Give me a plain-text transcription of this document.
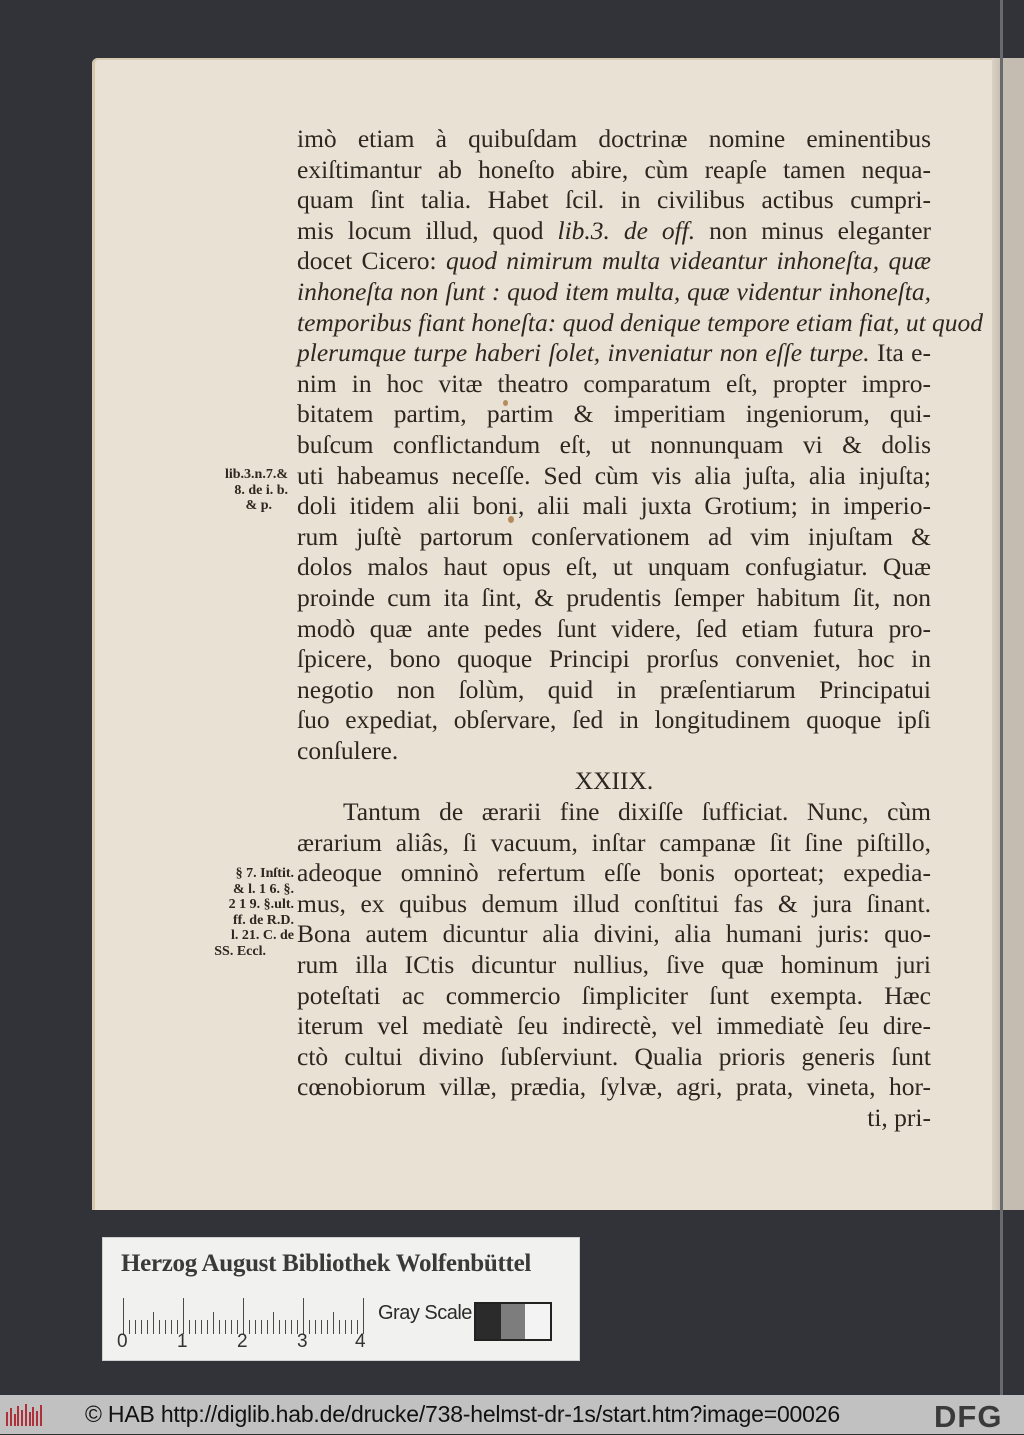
lib.3.n.7.&
8. de i. b.
& p.
§ 7. Inſtit.
& l. 1 6. §.
2 1 9. §.ult.
ff. de R.D.
l. 21. C. de
SS. Eccl.
imò etiam à quibuſdam doctrinæ nomine eminentibus
exiſtimantur ab honeſto abire, cùm reapſe tamen nequa-
quam ſint talia. Habet ſcil. in civilibus actibus cumpri-
mis locum illud, quod lib.3. de off. non minus eleganter
docet Cicero: quod nimirum multa videantur inhoneſta, quæ
inhoneſta non ſunt : quod item multa, quæ videntur inhoneſta,
temporibus fiant honeſta: quod denique tempore etiam fiat, ut quod
plerumque turpe haberi ſolet, inveniatur non eſſe turpe. Ita e-
nim in hoc vitæ theatro comparatum eſt, propter impro-
bitatem partim, partim & imperitiam ingeniorum, qui-
buſcum conflictandum eſt, ut nonnunquam vi & dolis
uti habeamus neceſſe. Sed cùm vis alia juſta, alia injuſta;
doli itidem alii boni, alii mali juxta Grotium; in imperio-
rum juſtè partorum conſervationem ad vim injuſtam &
dolos malos haut opus eſt, ut unquam confugiatur. Quæ
proinde cum ita ſint, & prudentis ſemper habitum ſit, non
modò quæ ante pedes ſunt videre, ſed etiam futura pro-
ſpicere, bono quoque Principi prorſus conveniet, hoc in
negotio non ſolùm, quid in præſentiarum Principatui
ſuo expediat, obſervare, ſed in longitudinem quoque ipſi
conſulere.
XXIIX.
Tantum de ærarii fine dixiſſe ſufficiat. Nunc, cùm
ærarium aliâs, ſi vacuum, inſtar campanæ ſit ſine piſtillo,
adeoque omninò refertum eſſe bonis oporteat; expedia-
mus, ex quibus demum illud conſtitui fas & jura ſinant.
Bona autem dicuntur alia divini, alia humani juris: quo-
rum illa ICtis dicuntur nullius, ſive quæ hominum juri
poteſtati ac commercio ſimpliciter ſunt exempta. Hæc
iterum vel mediatè ſeu indirectè, vel immediatè ſeu dire-
ctò cultui divino ſubſerviunt. Qualia prioris generis ſunt
cœnobiorum villæ, prædia, ſylvæ, agri, prata, vineta, hor-
ti, pri-
Herzog August Bibliothek Wolfenbüttel
0	1	2	3 4
Gray Scale
© HAB http://diglib.hab.de/drucke/738-helmst-dr-1s/start.htm?image=00026	DFG
